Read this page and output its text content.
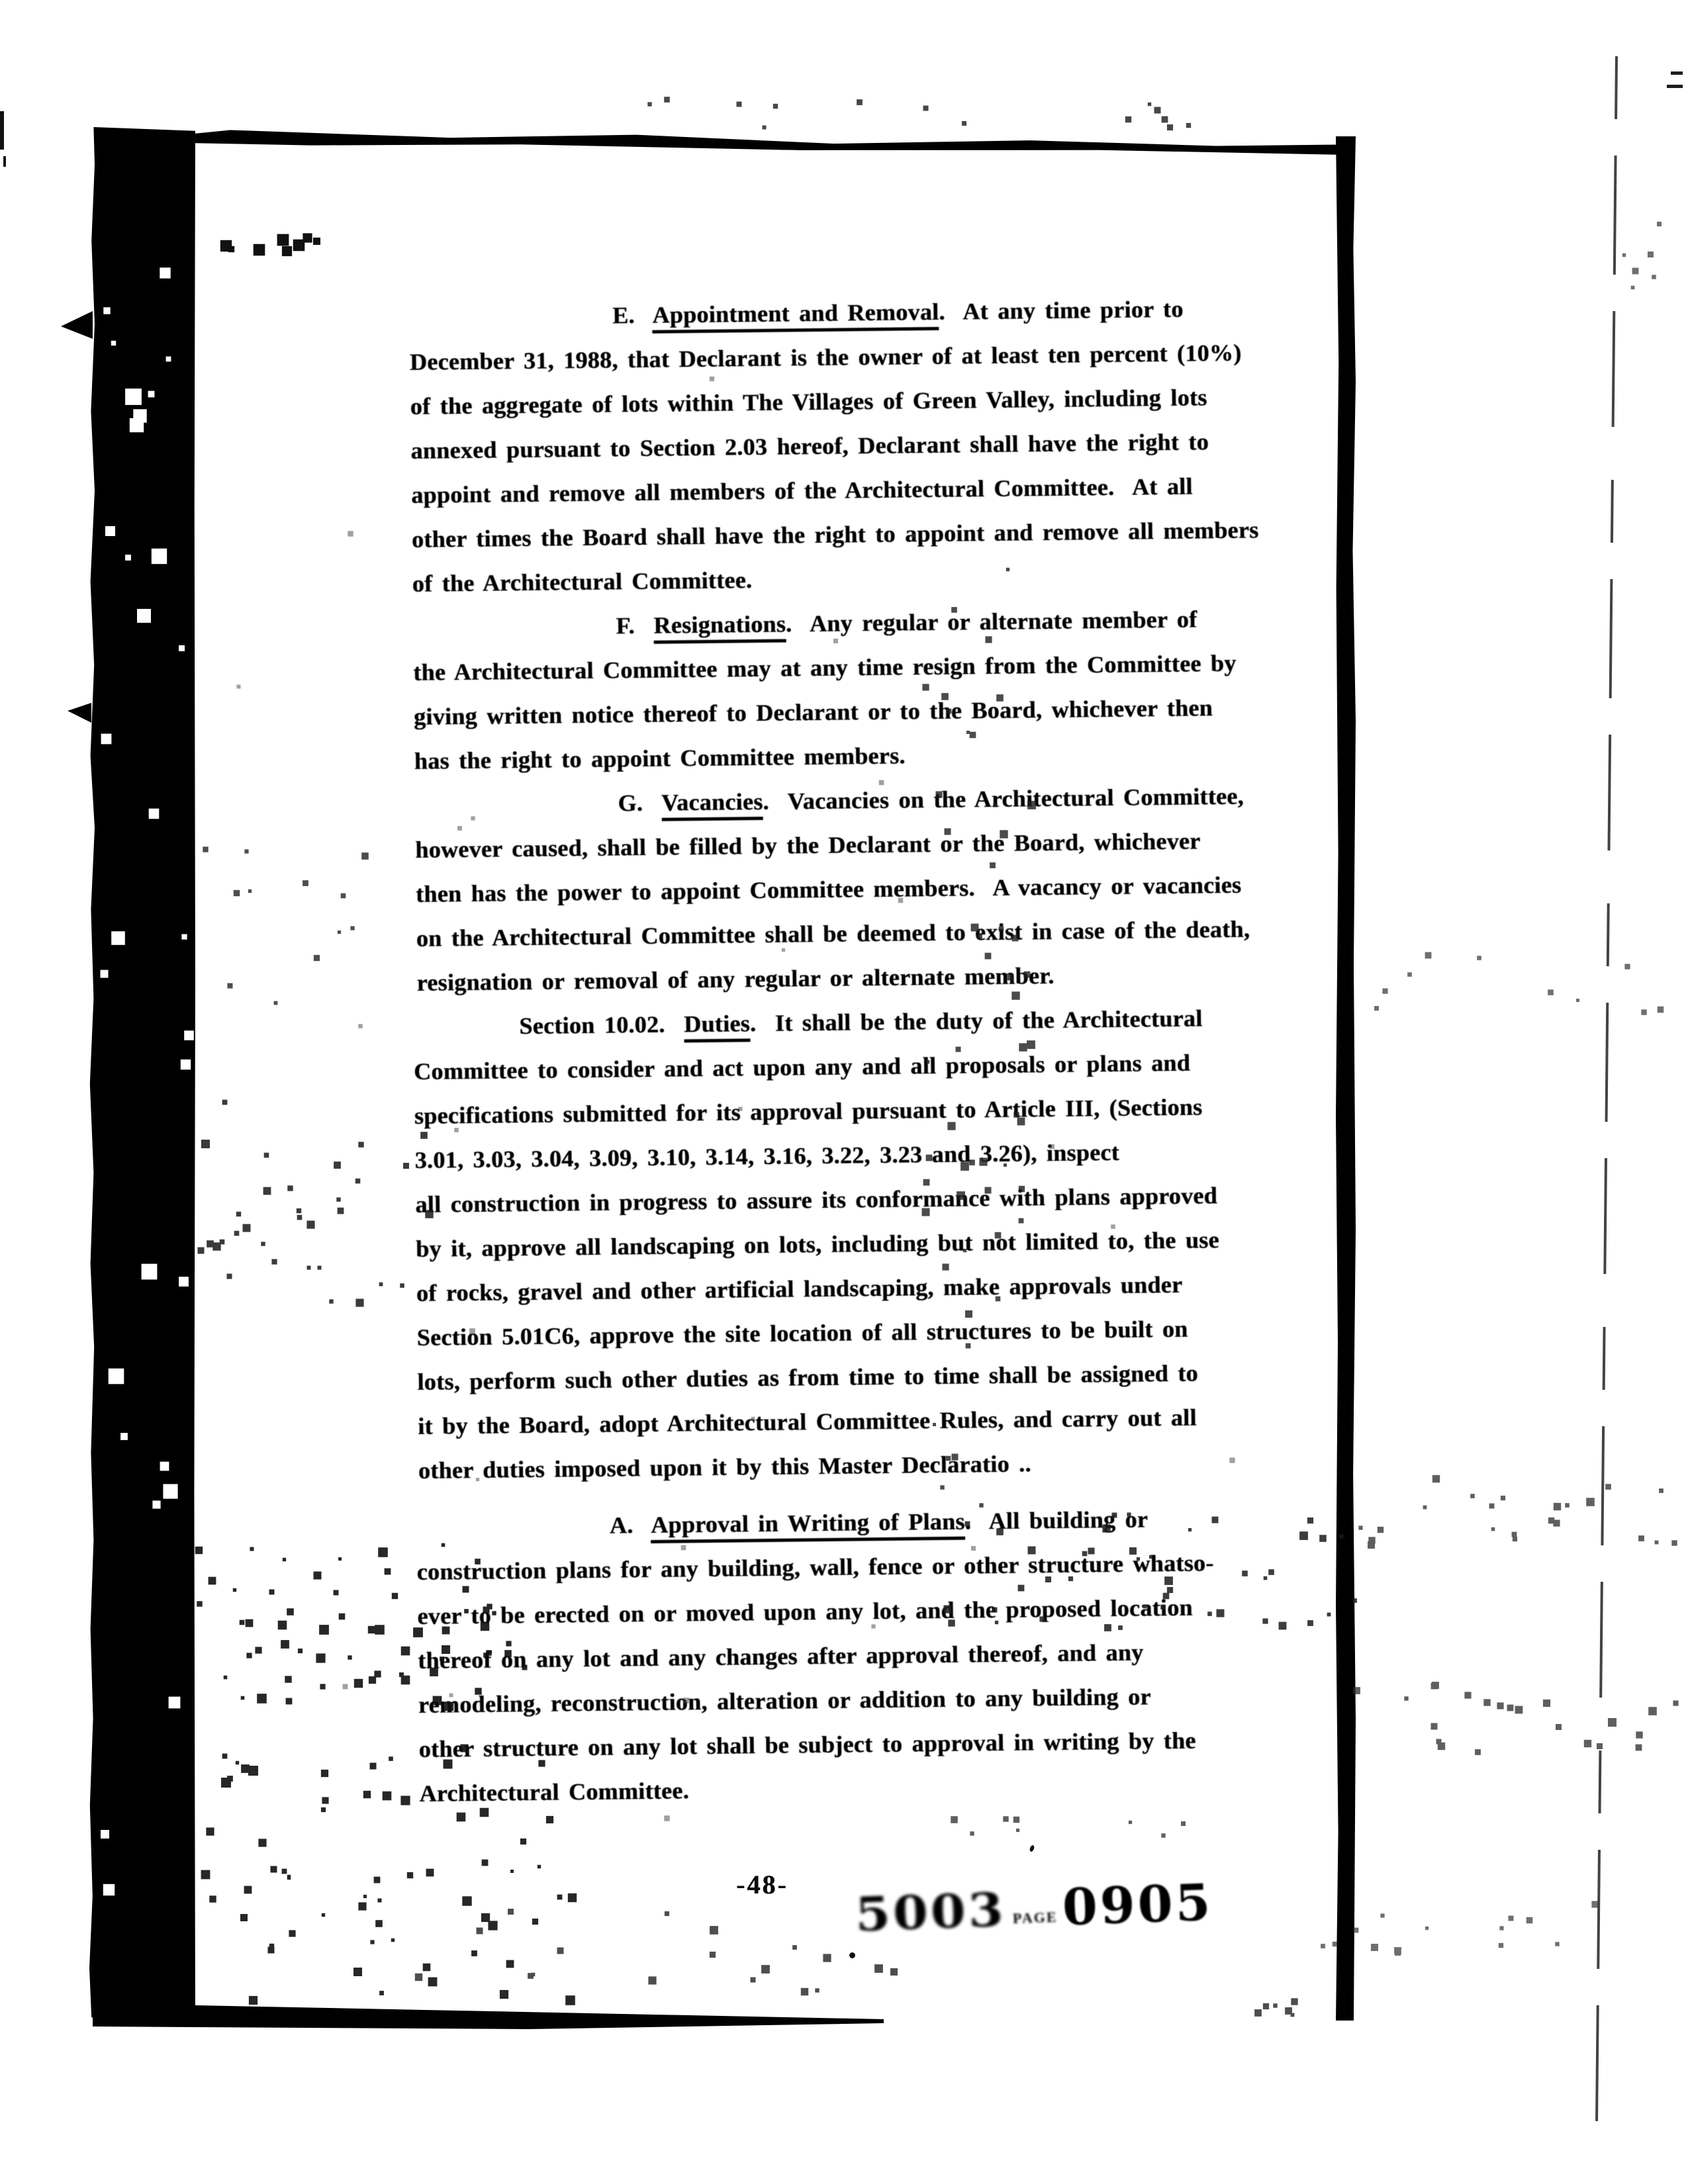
E.  Appointment and Removal.  At any time prior to
December 31, 1988, that Declarant is the owner of at least ten percent (10%)
of the aggregate of lots within The Villages of Green Valley, including lots
annexed pursuant to Section 2.03 hereof, Declarant shall have the right to
appoint and remove all members of the Architectural Committee.  At all
other times the Board shall have the right to appoint and remove all members
of the Architectural Committee.
F.  Resignations.  Any regular or alternate member of
the Architectural Committee may at any time resign from the Committee by
giving written notice thereof to Declarant or to the Board, whichever then
has the right to appoint Committee members.
G.  Vacancies.  Vacancies on the Architectural Committee,
however caused, shall be filled by the Declarant or the Board, whichever
then has the power to appoint Committee members.  A vacancy or vacancies
on the Architectural Committee shall be deemed to exist in case of the death,
resignation or removal of any regular or alternate member.
Section 10.02.  Duties.  It shall be the duty of the Architectural
Committee to consider and act upon any and all proposals or plans and
specifications submitted for its approval pursuant to Article III, (Sections
3.01, 3.03, 3.04, 3.09, 3.10, 3.14, 3.16, 3.22, 3.23 and 3.26), inspect
all construction in progress to assure its conformance with plans approved
by it, approve all landscaping on lots, including but not limited to, the use
of rocks, gravel and other artificial landscaping, make approvals under
Section 5.01C6, approve the site location of all structures to be built on
lots, perform such other duties as from time to time shall be assigned to
it by the Board, adopt Architectural Committee Rules, and carry out all
other duties imposed upon it by this Master Declaratio ..
A.  Approval in Writing of Plans.  All building or
construction plans for any building, wall, fence or other structure whatso-
ever to be erected on or moved upon any lot, and the proposed location
thereof on any lot and any changes after approval thereof, and any
remodeling, reconstruction, alteration or addition to any building or
other structure on any lot shall be subject to approval in writing by the
Architectural Committee.
-48- 5003 PAGE0905
